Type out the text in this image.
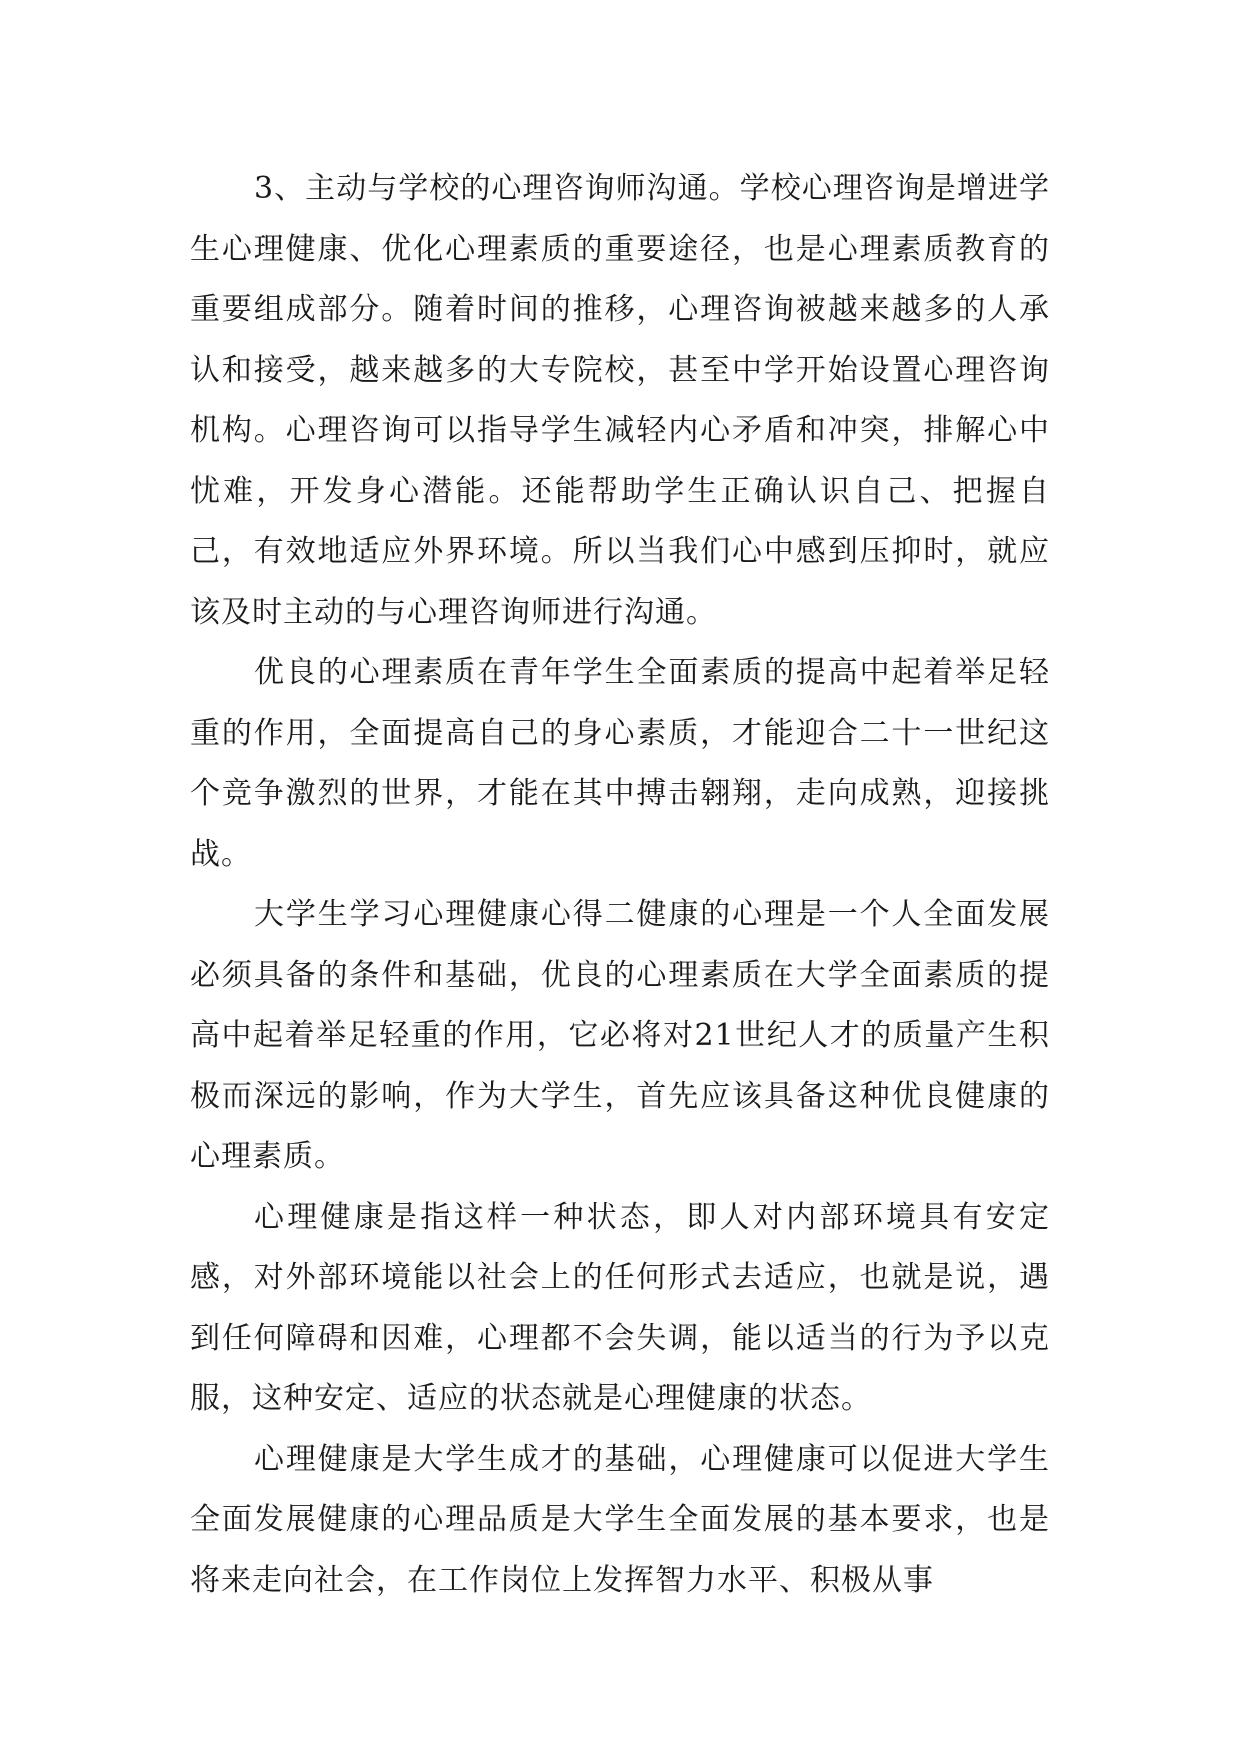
3、主动与学校的心理咨询师沟通。学校心理咨询是增进学生心理健康、优化心理素质的重要途径，也是心理素质教育的重要组成部分。随着时间的推移，心理咨询被越来越多的人承认和接受，越来越多的大专院校，甚至中学开始设置心理咨询机构。心理咨询可以指导学生减轻内心矛盾和冲突，排解心中忧难，开发身心潜能。还能帮助学生正确认识自己、把握自己，有效地适应外界环境。所以当我们心中感到压抑时，就应该及时主动的与心理咨询师进行沟通。

优良的心理素质在青年学生全面素质的提高中起着举足轻重的作用，全面提高自己的身心素质，才能迎合二十一世纪这个竞争激烈的世界，才能在其中搏击翱翔，走向成熟，迎接挑战。

大学生学习心理健康心得二健康的心理是一个人全面发展必须具备的条件和基础，优良的心理素质在大学全面素质的提高中起着举足轻重的作用，它必将对21世纪人才的质量产生积极而深远的影响，作为大学生，首先应该具备这种优良健康的心理素质。

心理健康是指这样一种状态，即人对内部环境具有安定感，对外部环境能以社会上的任何形式去适应，也就是说，遇到任何障碍和因难，心理都不会失调，能以适当的行为予以克服，这种安定、适应的状态就是心理健康的状态。

心理健康是大学生成才的基础，心理健康可以促进大学生全面发展健康的心理品质是大学生全面发展的基本要求，也是将来走向社会，在工作岗位上发挥智力水平、积极从事
